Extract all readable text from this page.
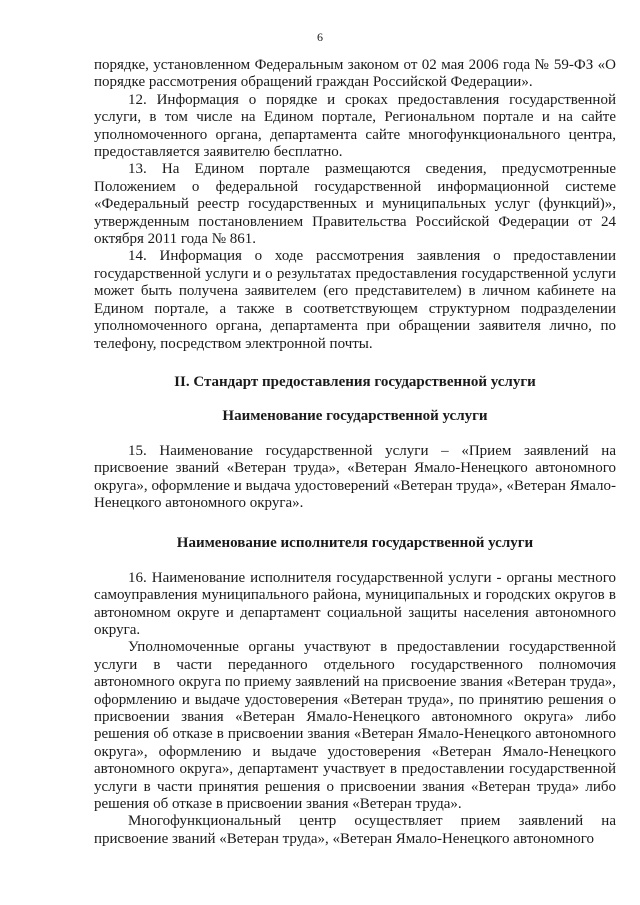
6

порядке, установленном Федеральным законом от 02 мая 2006 года № 59-ФЗ «О порядке рассмотрения обращений граждан Российской Федерации».

12. Информация о порядке и сроках предоставления государственной услуги, в том числе на Едином портале, Региональном портале и на сайте уполномоченного органа, департамента сайте многофункционального центра, предоставляется заявителю бесплатно.

13. На Едином портале размещаются сведения, предусмотренные Положением о федеральной государственной информационной системе «Федеральный реестр государственных и муниципальных услуг (функций)», утвержденным постановлением Правительства Российской Федерации от 24 октября 2011 года № 861.

14. Информация о ходе рассмотрения заявления о предоставлении государственной услуги и о результатах предоставления государственной услуги может быть получена заявителем (его представителем) в личном кабинете на Едином портале, а также в соответствующем структурном подразделении уполномоченного органа, департамента при обращении заявителя лично, по телефону, посредством электронной почты.

II. Стандарт предоставления государственной услуги
Наименование государственной услуги

15. Наименование государственной услуги – «Прием заявлений на присвоение званий «Ветеран труда», «Ветеран Ямало-Ненецкого автономного округа», оформление и выдача удостоверений «Ветеран труда», «Ветеран Ямало-Ненецкого автономного округа».

Наименование исполнителя государственной услуги

16. Наименование исполнителя государственной услуги - органы местного самоуправления муниципального района, муниципальных и городских округов в автономном округе и департамент социальной защиты населения автономного округа.

Уполномоченные органы участвуют в предоставлении государственной услуги в части переданного отдельного государственного полномочия автономного округа по приему заявлений на присвоение звания «Ветеран труда», оформлению и выдаче удостоверения «Ветеран труда», по принятию решения о присвоении звания «Ветеран Ямало-Ненецкого автономного округа» либо решения об отказе в присвоении звания «Ветеран Ямало-Ненецкого автономного округа», оформлению и выдаче удостоверения «Ветеран Ямало-Ненецкого автономного округа», департамент участвует в предоставлении государственной услуги в части принятия решения о присвоении звания «Ветеран труда» либо решения об отказе в присвоении звания «Ветеран труда».

Многофункциональный центр осуществляет прием заявлений на присвоение званий «Ветеран труда», «Ветеран Ямало-Ненецкого автономного
